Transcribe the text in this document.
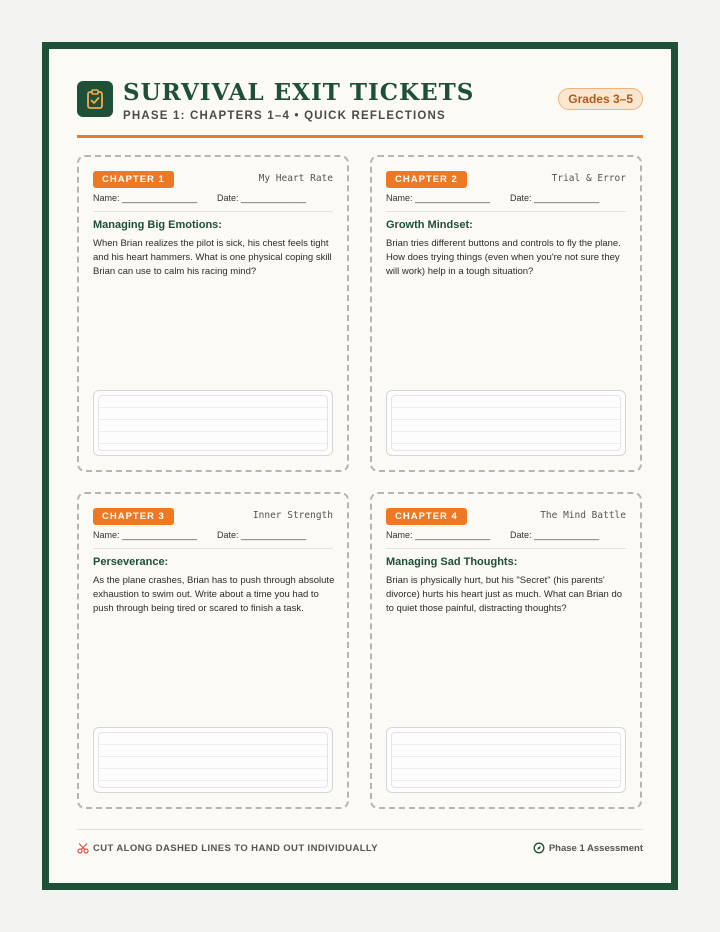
SURVIVAL EXIT TICKETS
PHASE 1: CHAPTERS 1–4 • QUICK REFLECTIONS
Grades 3–5
CHAPTER 1	My Heart Rate
Name: _______________ Date: _____________
Managing Big Emotions:
When Brian realizes the pilot is sick, his chest feels tight and his heart hammers. What is one physical coping skill Brian can use to calm his racing mind?
CHAPTER 2	Trial & Error
Name: _______________ Date: _____________
Growth Mindset:
Brian tries different buttons and controls to fly the plane. How does trying things (even when you're not sure they will work) help in a tough situation?
CHAPTER 3	Inner Strength
Name: _______________ Date: _____________
Perseverance:
As the plane crashes, Brian has to push through absolute exhaustion to swim out. Write about a time you had to push through being tired or scared to finish a task.
CHAPTER 4	The Mind Battle
Name: _______________ Date: _____________
Managing Sad Thoughts:
Brian is physically hurt, but his "Secret" (his parents' divorce) hurts his heart just as much. What can Brian do to quiet those painful, distracting thoughts?
CUT ALONG DASHED LINES TO HAND OUT INDIVIDUALLY	Phase 1 Assessment
